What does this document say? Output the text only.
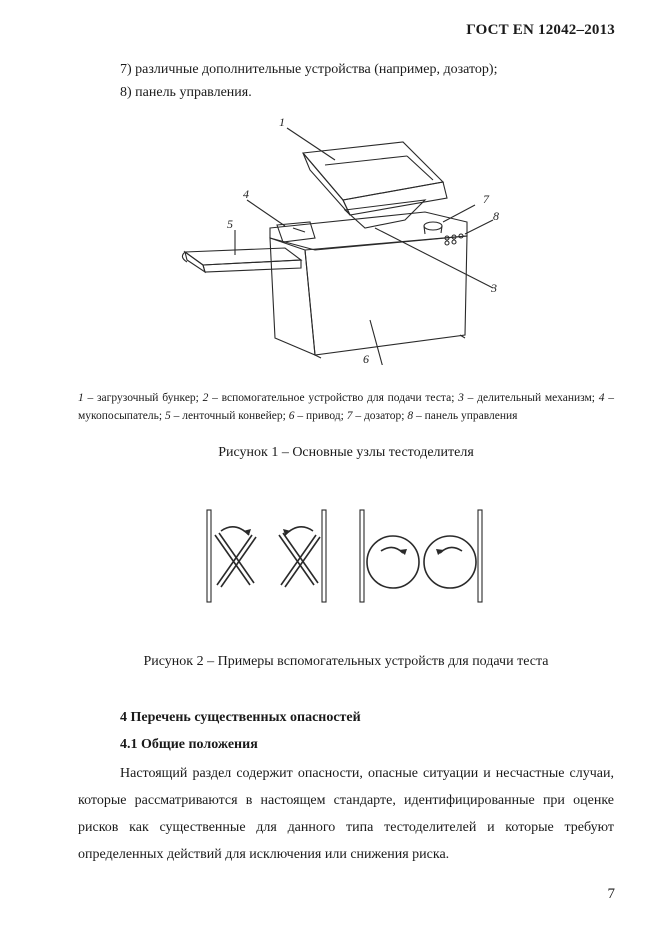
ГОСТ EN 12042–2013
7) различные дополнительные устройства (например, дозатор);
8) панель управления.
1
4
5
3
6
7
8
1 – загрузочный бункер; 2 – вспомогательное устройство для подачи теста; 3 – делительный механизм; 4 – мукопосыпатель; 5 – ленточный конвейер; 6 – привод; 7 – дозатор; 8 – панель управления
Рисунок 1 – Основные узлы тестоделителя
Рисунок 2 – Примеры вспомогательных устройств для подачи теста
4 Перечень существенных опасностей
4.1 Общие положения
Настоящий раздел содержит опасности, опасные ситуации и несчастные случаи, которые рассматриваются в настоящем стандарте, идентифицированные при оценке рисков как существенные для данного типа тестоделителей и которые требуют определенных действий для исключения или снижения риска.
7
